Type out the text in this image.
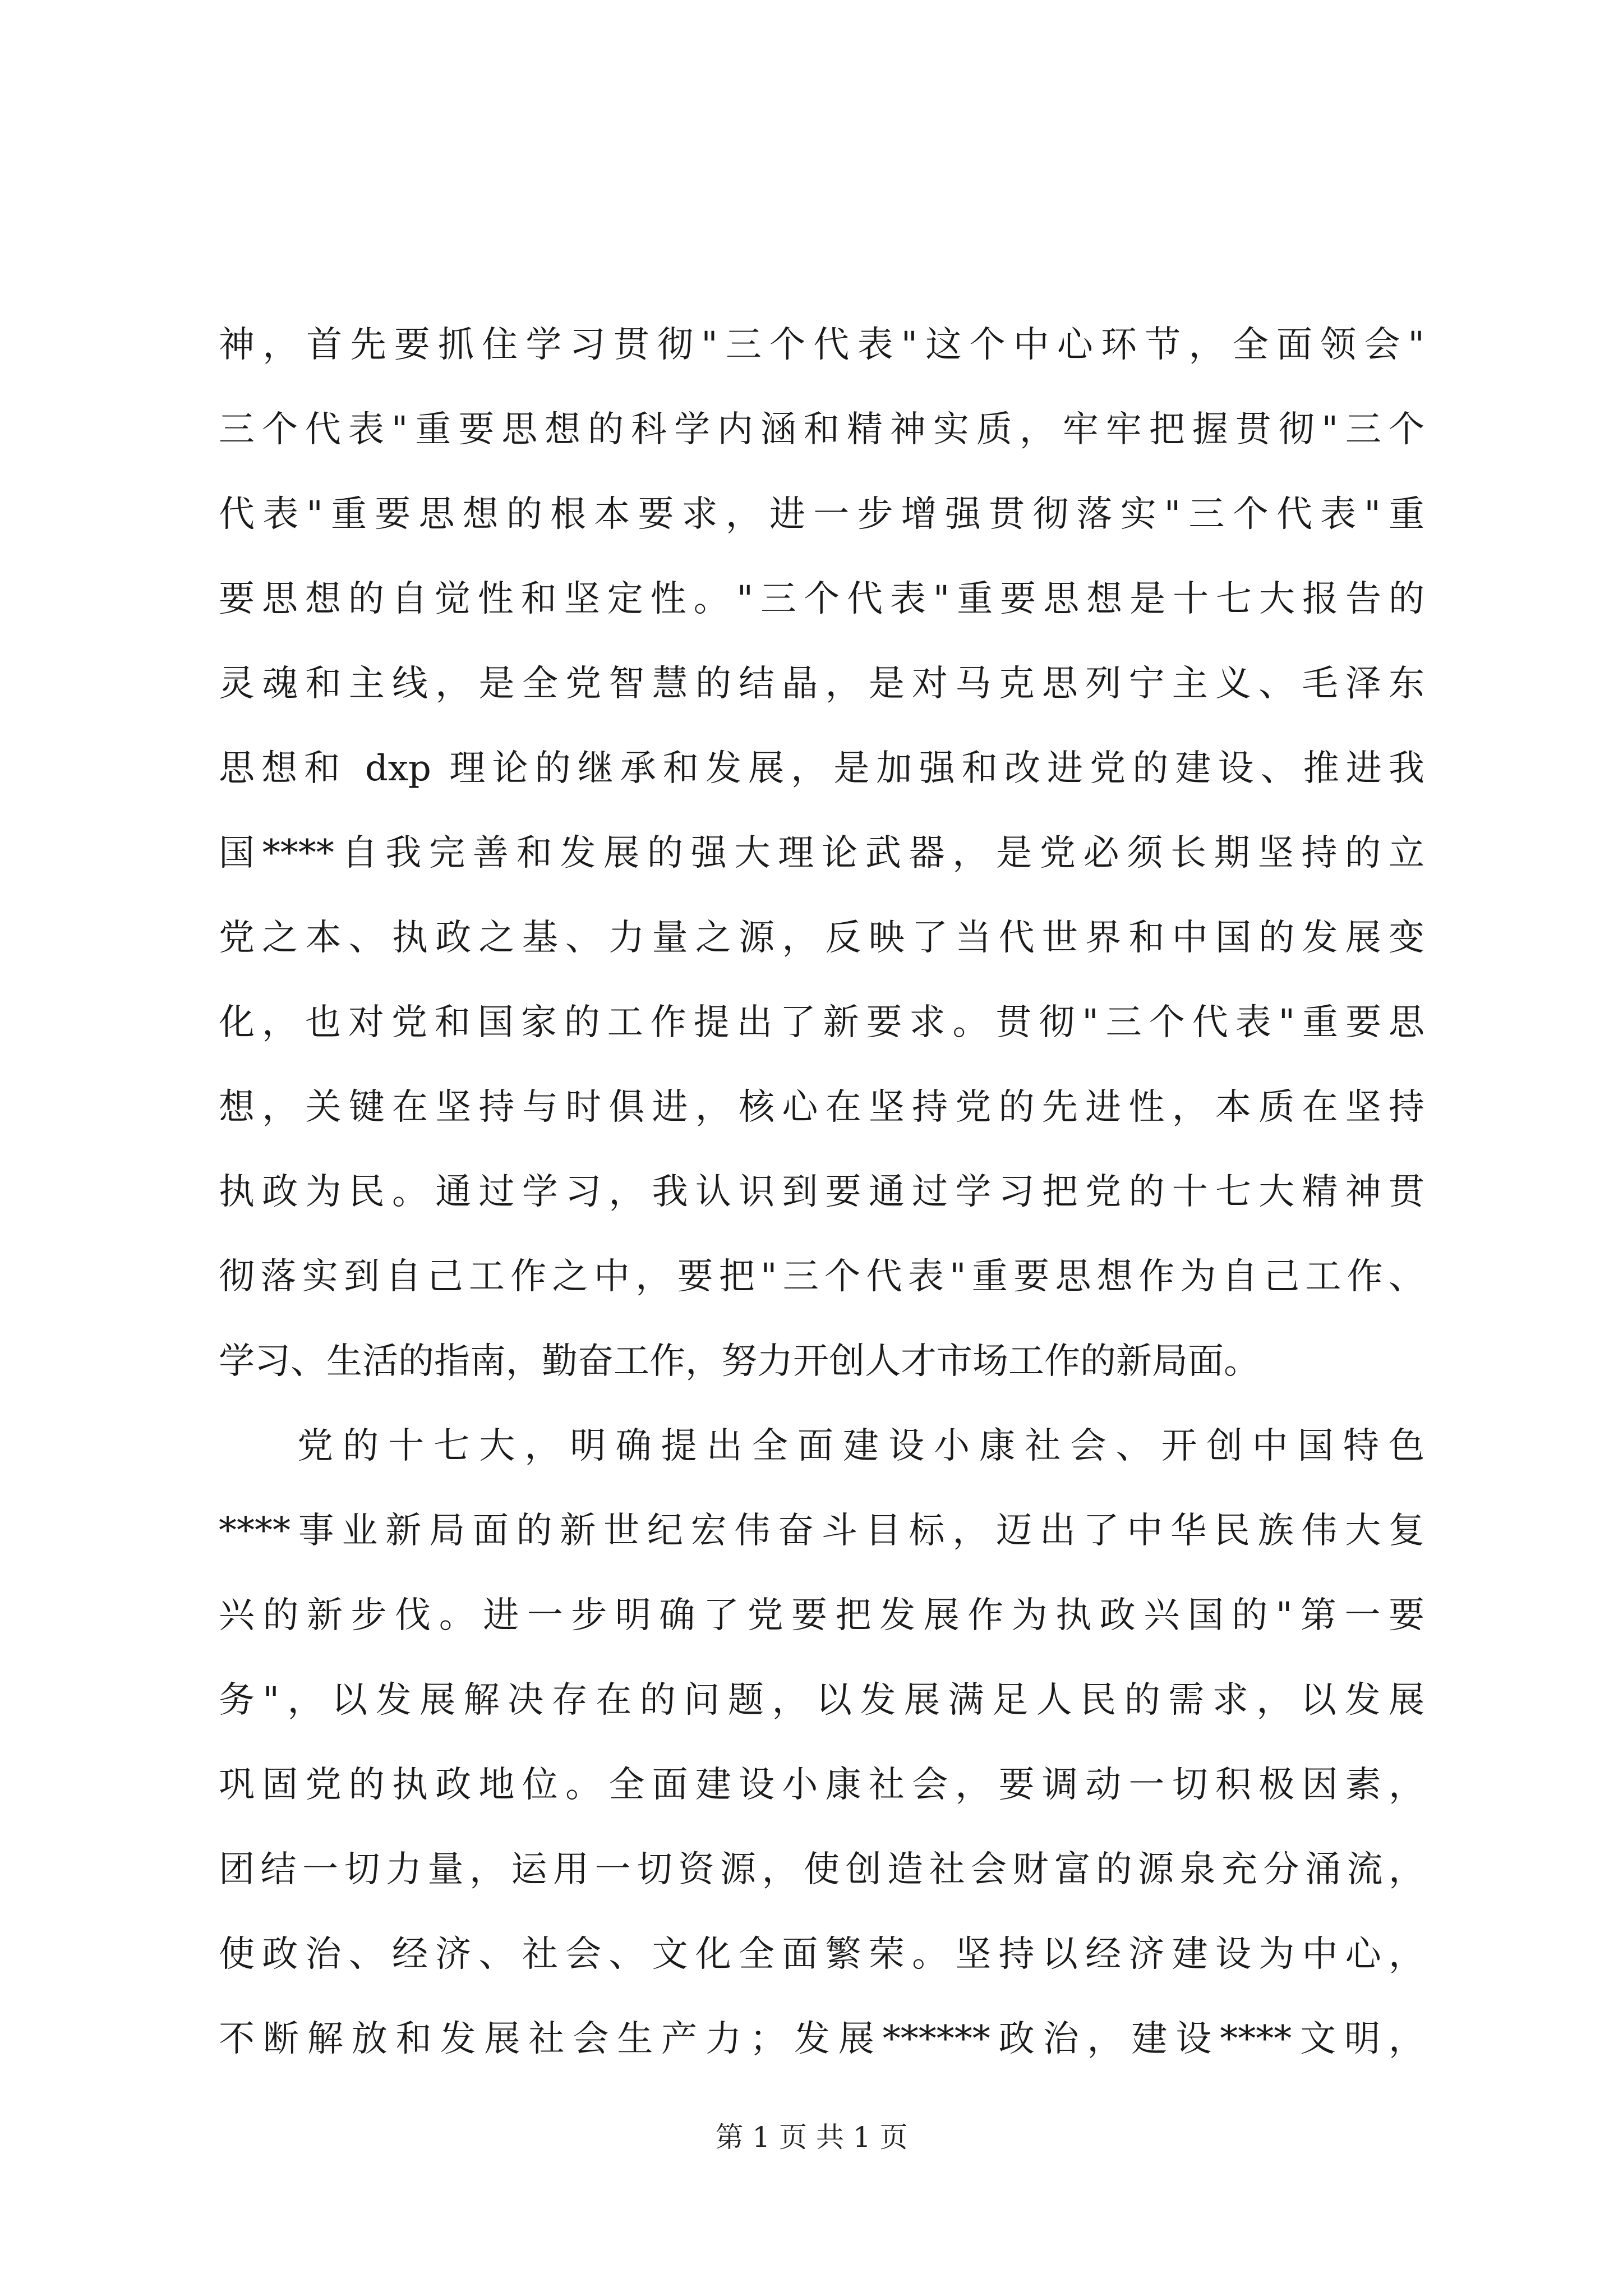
神，首先要抓住学习贯彻"三个代表"这个中心环节，全面领会"
三个代表"重要思想的科学内涵和精神实质，牢牢把握贯彻"三个
代表"重要思想的根本要求，进一步增强贯彻落实"三个代表"重
要思想的自觉性和坚定性。"三个代表"重要思想是十七大报告的
灵魂和主线，是全党智慧的结晶，是对马克思列宁主义、毛泽东
思想和 dxp 理论的继承和发展，是加强和改进党的建设、推进我
国****自我完善和发展的强大理论武器，是党必须长期坚持的立
党之本、执政之基、力量之源，反映了当代世界和中国的发展变
化，也对党和国家的工作提出了新要求。贯彻"三个代表"重要思
想，关键在坚持与时俱进，核心在坚持党的先进性，本质在坚持
执政为民。通过学习，我认识到要通过学习把党的十七大精神贯
彻落实到自己工作之中，要把"三个代表"重要思想作为自己工作、
学习、生活的指南，勤奋工作，努力开创人才市场工作的新局面。
党的十七大，明确提出全面建设小康社会、开创中国特色
****事业新局面的新世纪宏伟奋斗目标，迈出了中华民族伟大复
兴的新步伐。进一步明确了党要把发展作为执政兴国的"第一要
务"，以发展解决存在的问题，以发展满足人民的需求，以发展
巩固党的执政地位。全面建设小康社会，要调动一切积极因素，
团结一切力量，运用一切资源，使创造社会财富的源泉充分涌流，
使政治、经济、社会、文化全面繁荣。坚持以经济建设为中心，
不断解放和发展社会生产力；发展******政治，建设****文明，
第 1 页 共 1 页
